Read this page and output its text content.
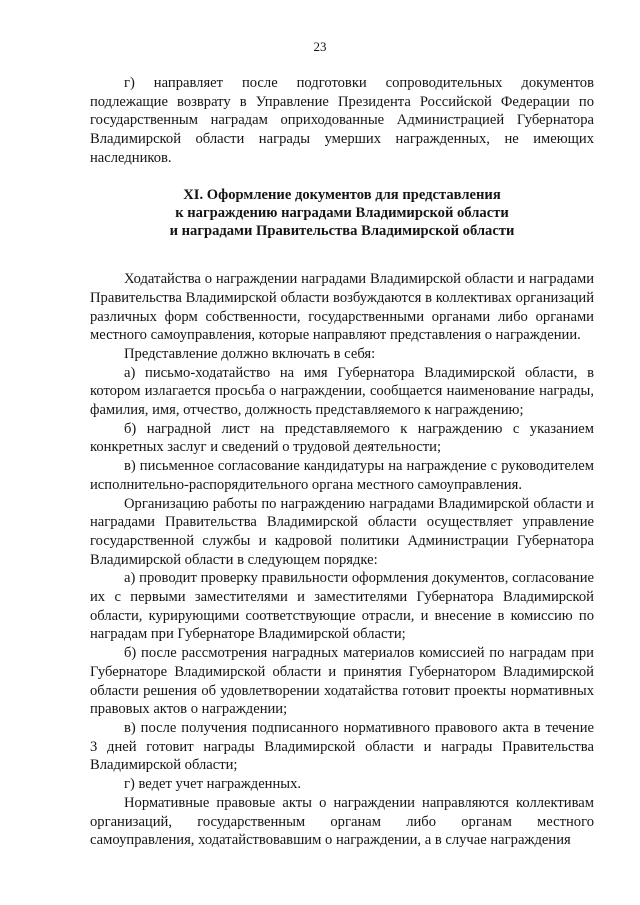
23

г) направляет после подготовки сопроводительных документов подлежащие возврату в Управление Президента Российской Федерации по государственным наградам оприходованные Администрацией Губернатора Владимирской области награды умерших награжденных, не имеющих наследников.

XI. Оформление документов для представления
к награждению наградами Владимирской области
и наградами Правительства Владимирской области

Ходатайства о награждении наградами Владимирской области и наградами Правительства Владимирской области возбуждаются в коллективах организаций различных форм собственности, государственными органами либо органами местного самоуправления, которые направляют представления о награждении.

Представление должно включать в себя:

а) письмо-ходатайство на имя Губернатора Владимирской области, в котором излагается просьба о награждении, сообщается наименование награды, фамилия, имя, отчество, должность представляемого к награждению;

б) наградной лист на представляемого к награждению с указанием конкретных заслуг и сведений о трудовой деятельности;

в) письменное согласование кандидатуры на награждение с руководителем исполнительно-распорядительного органа местного самоуправления.

Организацию работы по награждению наградами Владимирской области и наградами Правительства Владимирской области осуществляет управление государственной службы и кадровой политики Администрации Губернатора Владимирской области в следующем порядке:

а) проводит проверку правильности оформления документов, согласование их с первыми заместителями и заместителями Губернатора Владимирской области, курирующими соответствующие отрасли, и внесение в комиссию по наградам при Губернаторе Владимирской области;

б) после рассмотрения наградных материалов комиссией по наградам при Губернаторе Владимирской области и принятия Губернатором Владимирской области решения об удовлетворении ходатайства готовит проекты нормативных правовых актов о награждении;

в) после получения подписанного нормативного правового акта в течение 3 дней готовит награды Владимирской области и награды Правительства Владимирской области;

г) ведет учет награжденных.

Нормативные правовые акты о награждении направляются коллективам организаций, государственным органам либо органам местного самоуправления, ходатайствовавшим о награждении, а в случае награждения
